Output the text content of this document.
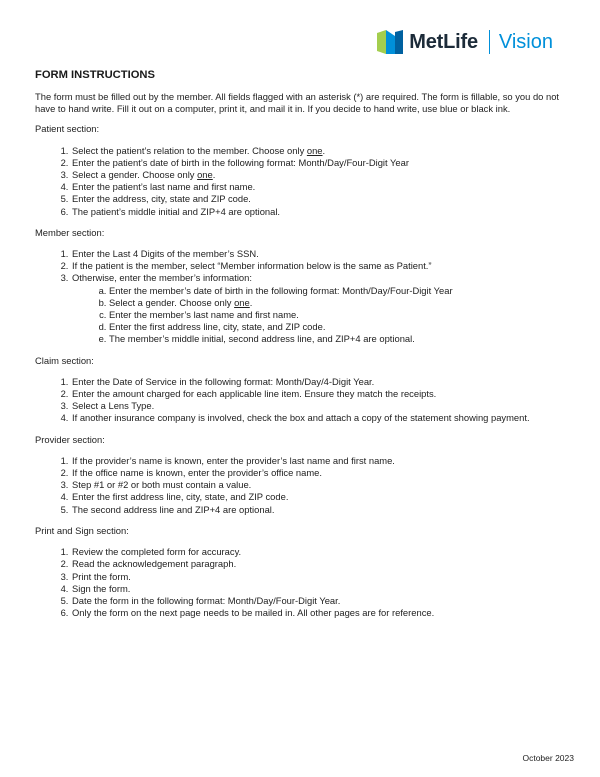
MetLife Vision
FORM INSTRUCTIONS

The form must be filled out by the member. All fields flagged with an asterisk (*) are required. The form is fillable, so you do not have to hand write. Fill it out on a computer, print it, and mail it in. If you decide to hand write, use blue or black ink.

Patient section:

1. Select the patient’s relation to the member. Choose only one.
2. Enter the patient’s date of birth in the following format: Month/Day/Four-Digit Year
3. Select a gender. Choose only one.
4. Enter the patient’s last name and first name.
5. Enter the address, city, state and ZIP code.
6. The patient’s middle initial and ZIP+4 are optional.

Member section:

1. Enter the Last 4 Digits of the member’s SSN.
2. If the patient is the member, select “Member information below is the same as Patient.”
3. Otherwise, enter the member’s information:
a. Enter the member’s date of birth in the following format: Month/Day/Four-Digit Year
b. Select a gender. Choose only one.
c. Enter the member’s last name and first name.
d. Enter the first address line, city, state, and ZIP code.
e. The member’s middle initial, second address line, and ZIP+4 are optional.

Claim section:

1. Enter the Date of Service in the following format: Month/Day/4-Digit Year.
2. Enter the amount charged for each applicable line item. Ensure they match the receipts.
3. Select a Lens Type.
4. If another insurance company is involved, check the box and attach a copy of the statement showing payment.

Provider section:

1. If the provider’s name is known, enter the provider’s last name and first name.
2. If the office name is known, enter the provider’s office name.
3. Step #1 or #2 or both must contain a value.
4. Enter the first address line, city, state, and ZIP code.
5. The second address line and ZIP+4 are optional.

Print and Sign section:

1. Review the completed form for accuracy.
2. Read the acknowledgement paragraph.
3. Print the form.
4. Sign the form.
5. Date the form in the following format: Month/Day/Four-Digit Year.
6. Only the form on the next page needs to be mailed in. All other pages are for reference.
October 2023
